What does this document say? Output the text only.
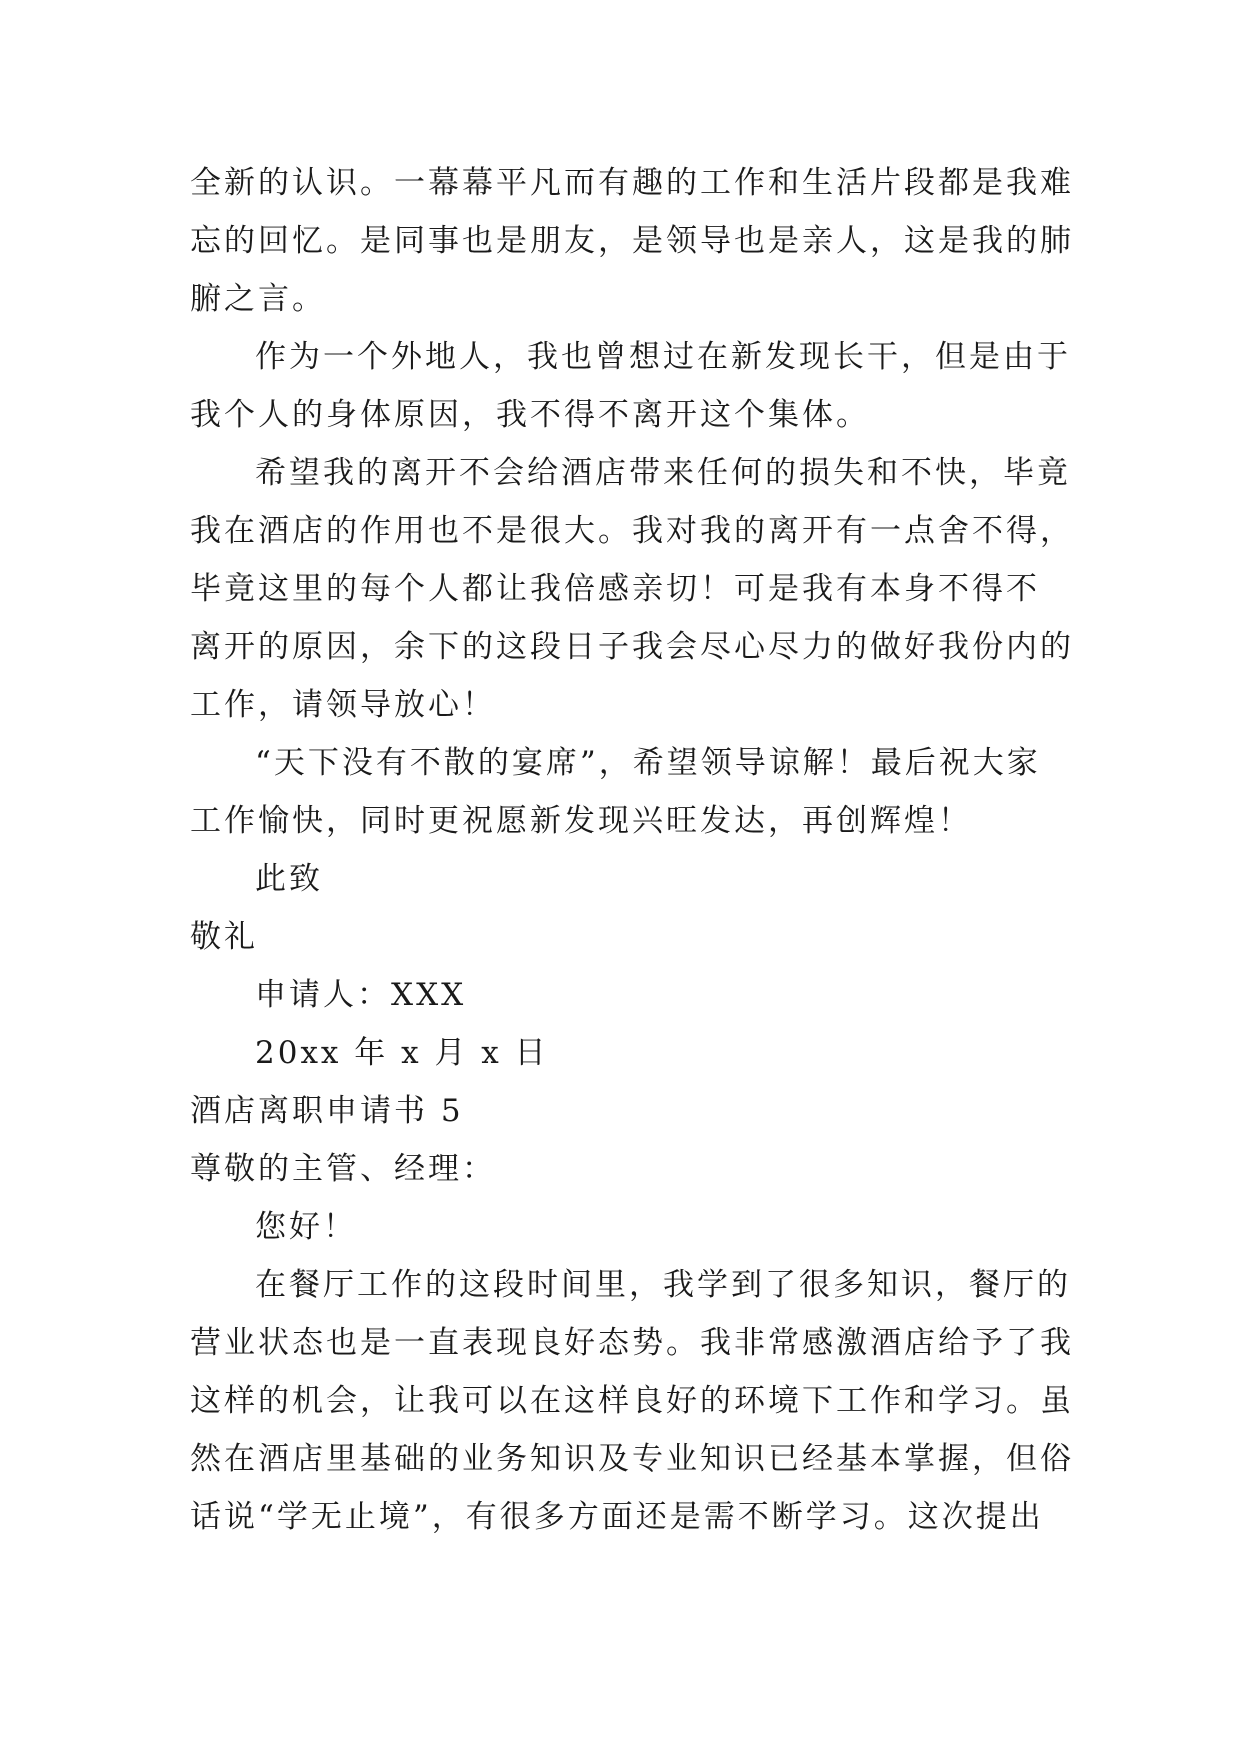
全新的认识。一幕幕平凡而有趣的工作和生活片段都是我难
忘的回忆。是同事也是朋友，是领导也是亲人，这是我的肺
腑之言。
作为一个外地人，我也曾想过在新发现长干，但是由于
我个人的身体原因，我不得不离开这个集体。
希望我的离开不会给酒店带来任何的损失和不快，毕竟
我在酒店的作用也不是很大。我对我的离开有一点舍不得，
毕竟这里的每个人都让我倍感亲切！可是我有本身不得不
离开的原因，余下的这段日子我会尽心尽力的做好我份内的
工作，请领导放心！
“天下没有不散的宴席”，希望领导谅解！最后祝大家
工作愉快，同时更祝愿新发现兴旺发达，再创辉煌！
此致
敬礼
申请人：XXX
20xx 年 x 月 x 日
酒店离职申请书 5
尊敬的主管、经理：
您好！
在餐厅工作的这段时间里，我学到了很多知识，餐厅的
营业状态也是一直表现良好态势。我非常感激酒店给予了我
这样的机会，让我可以在这样良好的环境下工作和学习。虽
然在酒店里基础的业务知识及专业知识已经基本掌握，但俗
话说“学无止境”，有很多方面还是需不断学习。这次提出
